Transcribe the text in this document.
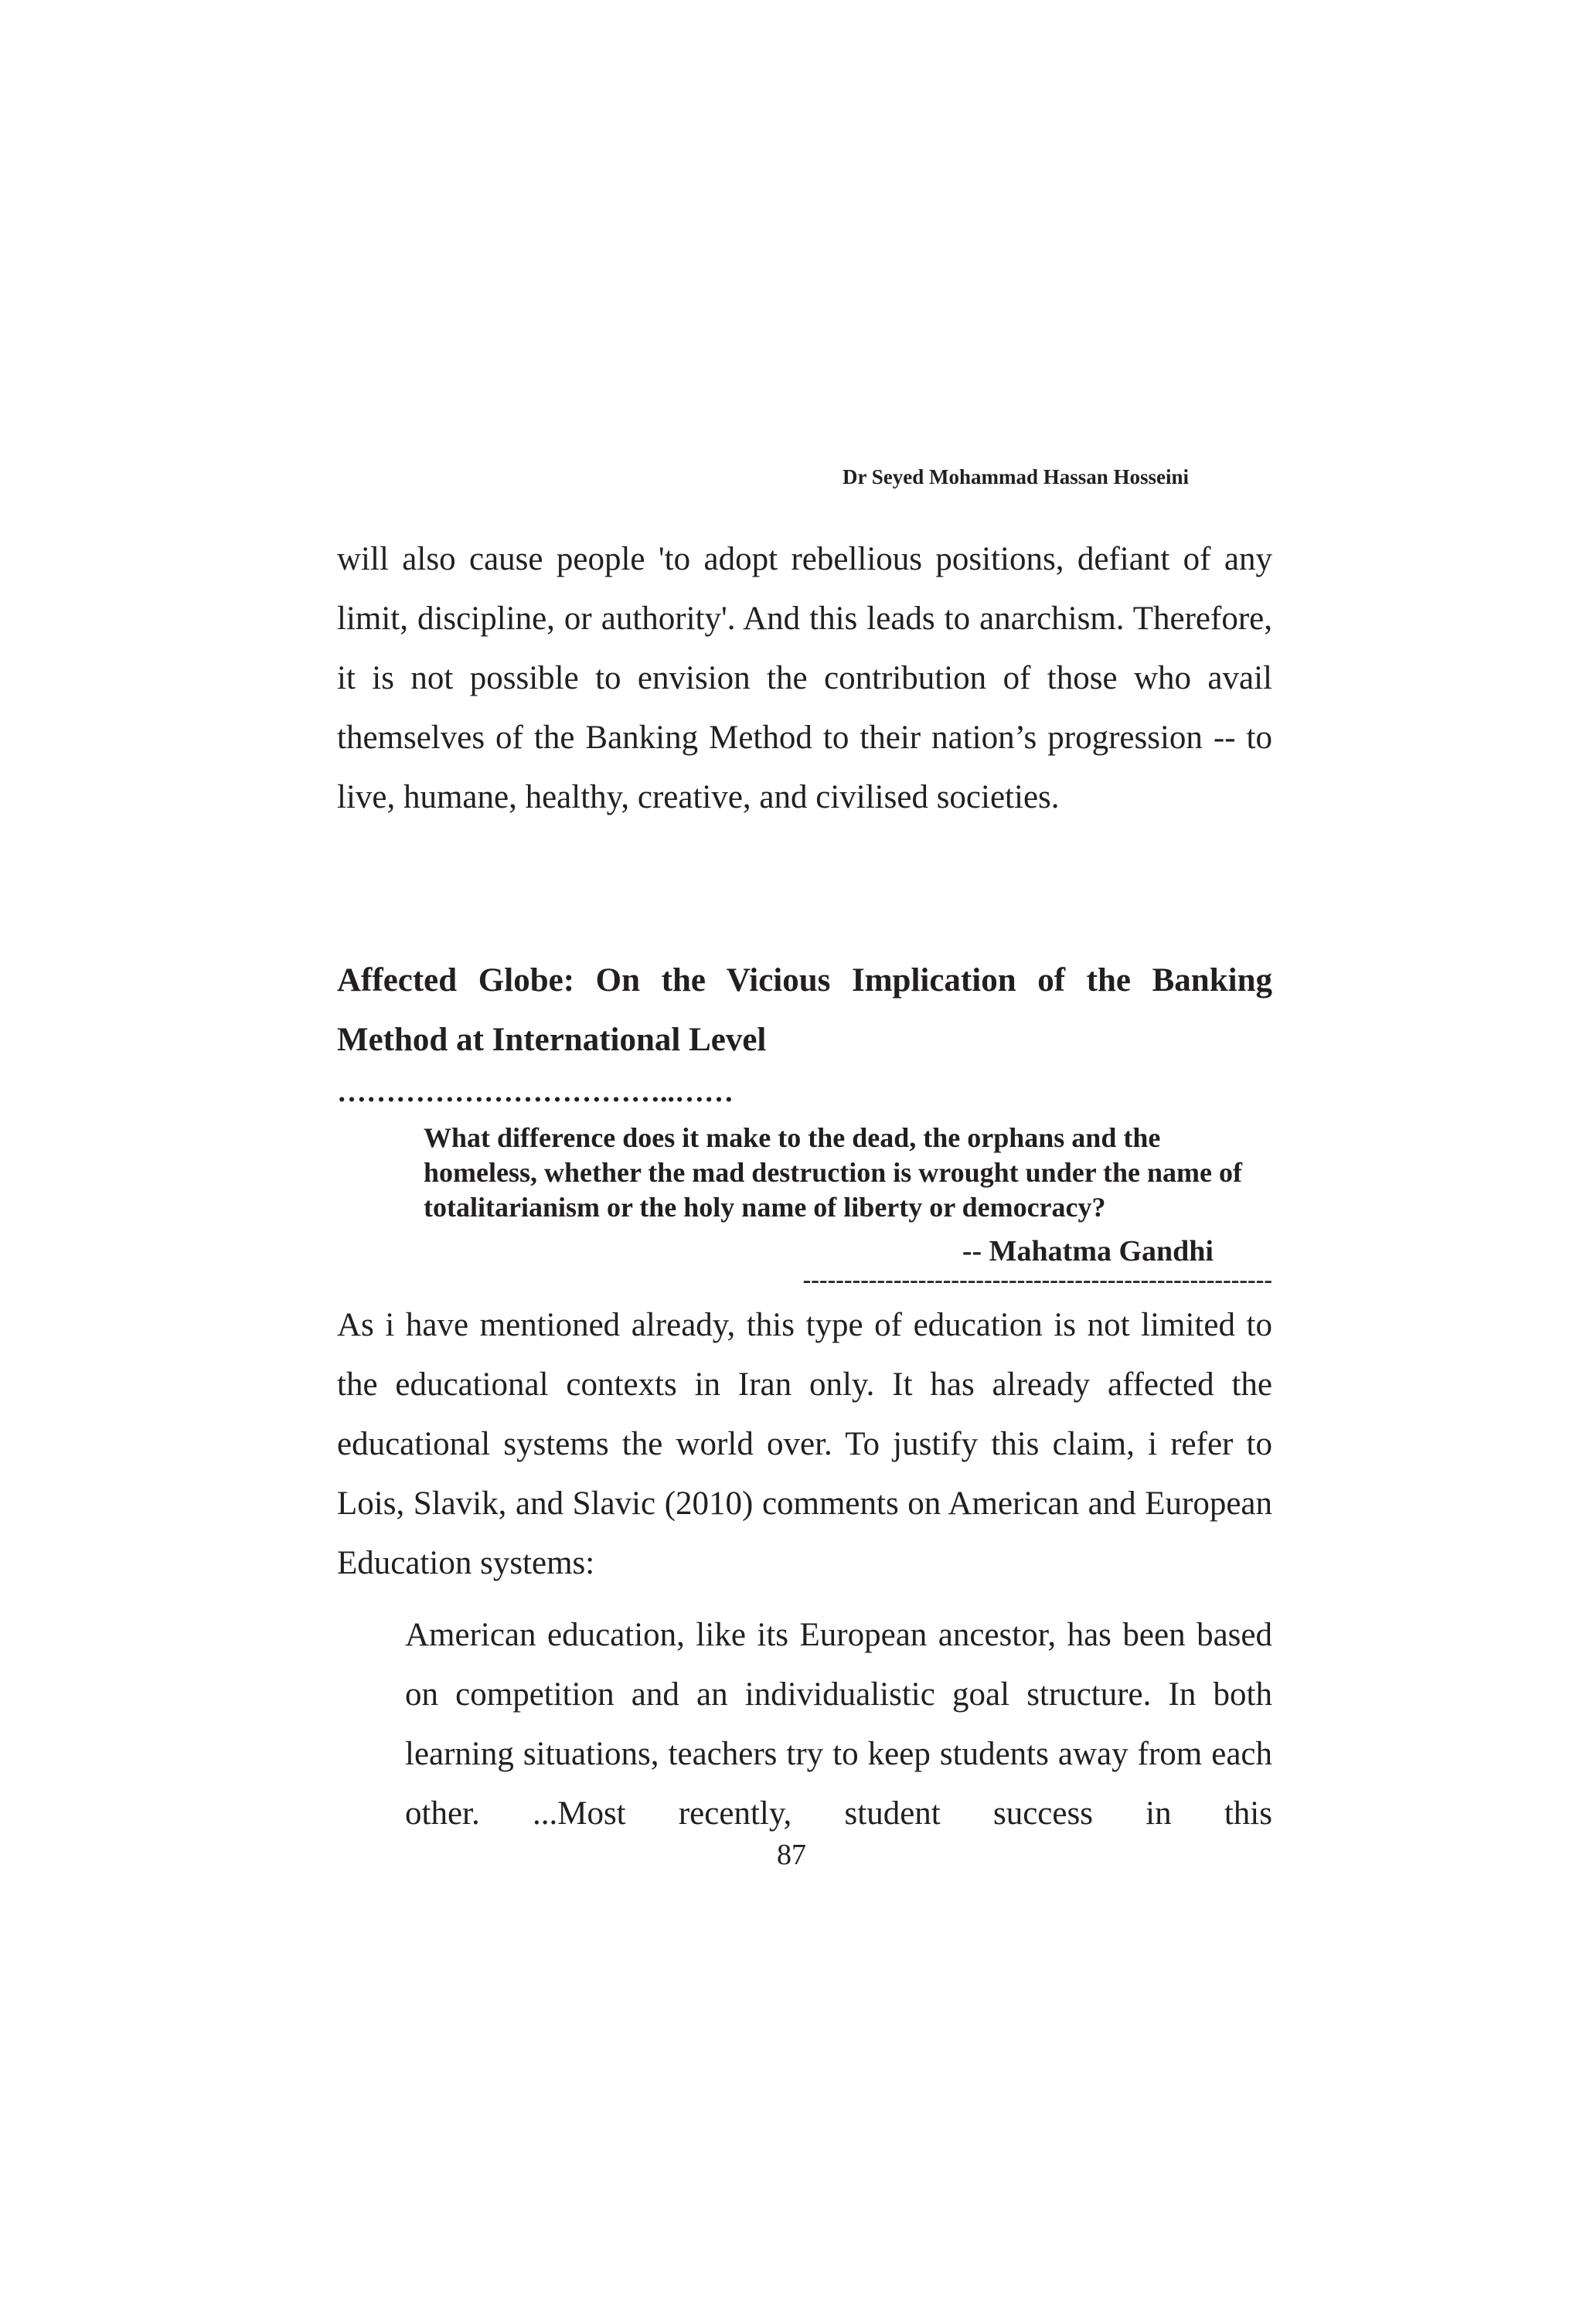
Dr Seyed Mohammad Hassan Hosseini

will also cause people 'to adopt rebellious positions, defiant of any limit, discipline, or authority'. And this leads to anarchism. Therefore, it is not possible to envision the contribution of those who avail themselves of the Banking Method to their nation’s progression -- to live, humane, healthy, creative, and civilised societies.

Affected Globe: On the Vicious Implication of the Banking Method at International Level
……………………………..……

What difference does it make to the dead, the orphans and the homeless, whether the mad destruction is wrought under the name of totalitarianism or the holy name of liberty or democracy?

-- Mahatma Gandhi
---------------------------------------------------------

As i have mentioned already, this type of education is not limited to the educational contexts in Iran only. It has already affected the educational systems the world over. To justify this claim, i refer to Lois, Slavik, and Slavic (2010) comments on American and European Education systems:

American education, like its European ancestor, has been based on competition and an individualistic goal structure. In both learning situations, teachers try to keep students away from each other. ...Most recently, student success in this

87
